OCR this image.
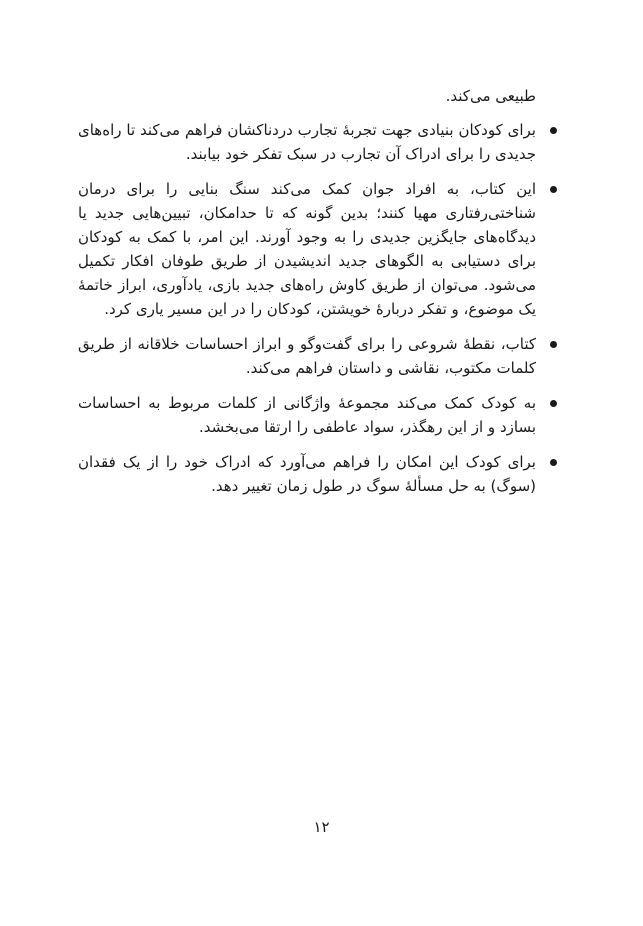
طبیعی می‌کند.

برای کودکان بنیادی جهت تجربهٔ تجارب دردناکشان فراهم می‌کند تا راه‌های جدیدی را برای ادراک آن تجارب در سبک تفکر خود بیابند.
این کتاب، به افراد جوان کمک می‌کند سنگ بنایی را برای درمان شناختی‌رفتاری مهیا کنند؛ بدین گونه که تا حدامکان، تبیین‌هایی جدید یا دیدگاه‌های جایگزین جدیدی را به وجود آورند. این امر، با کمک به کودکان برای دستیابی به الگوهای جدید اندیشیدن از طریق طوفان افکار تکمیل می‌شود. می‌توان از طریق کاوش راه‌های جدید بازی، یادآوری، ابراز خاتمهٔ یک موضوع، و تفکر دربارهٔ خویشتن، کودکان را در این مسیر یاری کرد.
کتاب، نقطهٔ شروعی را برای گفت‌وگو و ابراز احساسات خلاقانه از طریق کلمات مکتوب، نقاشی و داستان فراهم می‌کند.
به کودک کمک می‌کند مجموعهٔ واژگانی از کلمات مربوط به احساسات بسازد و از این رهگذر، سواد عاطفی را ارتقا می‌بخشد.
برای کودک این امکان را فراهم می‌آورد که ادراک خود را از یک فقدان (سوگ) به حل مسألهٔ سوگ در طول زمان تغییر دهد.
۱۲
